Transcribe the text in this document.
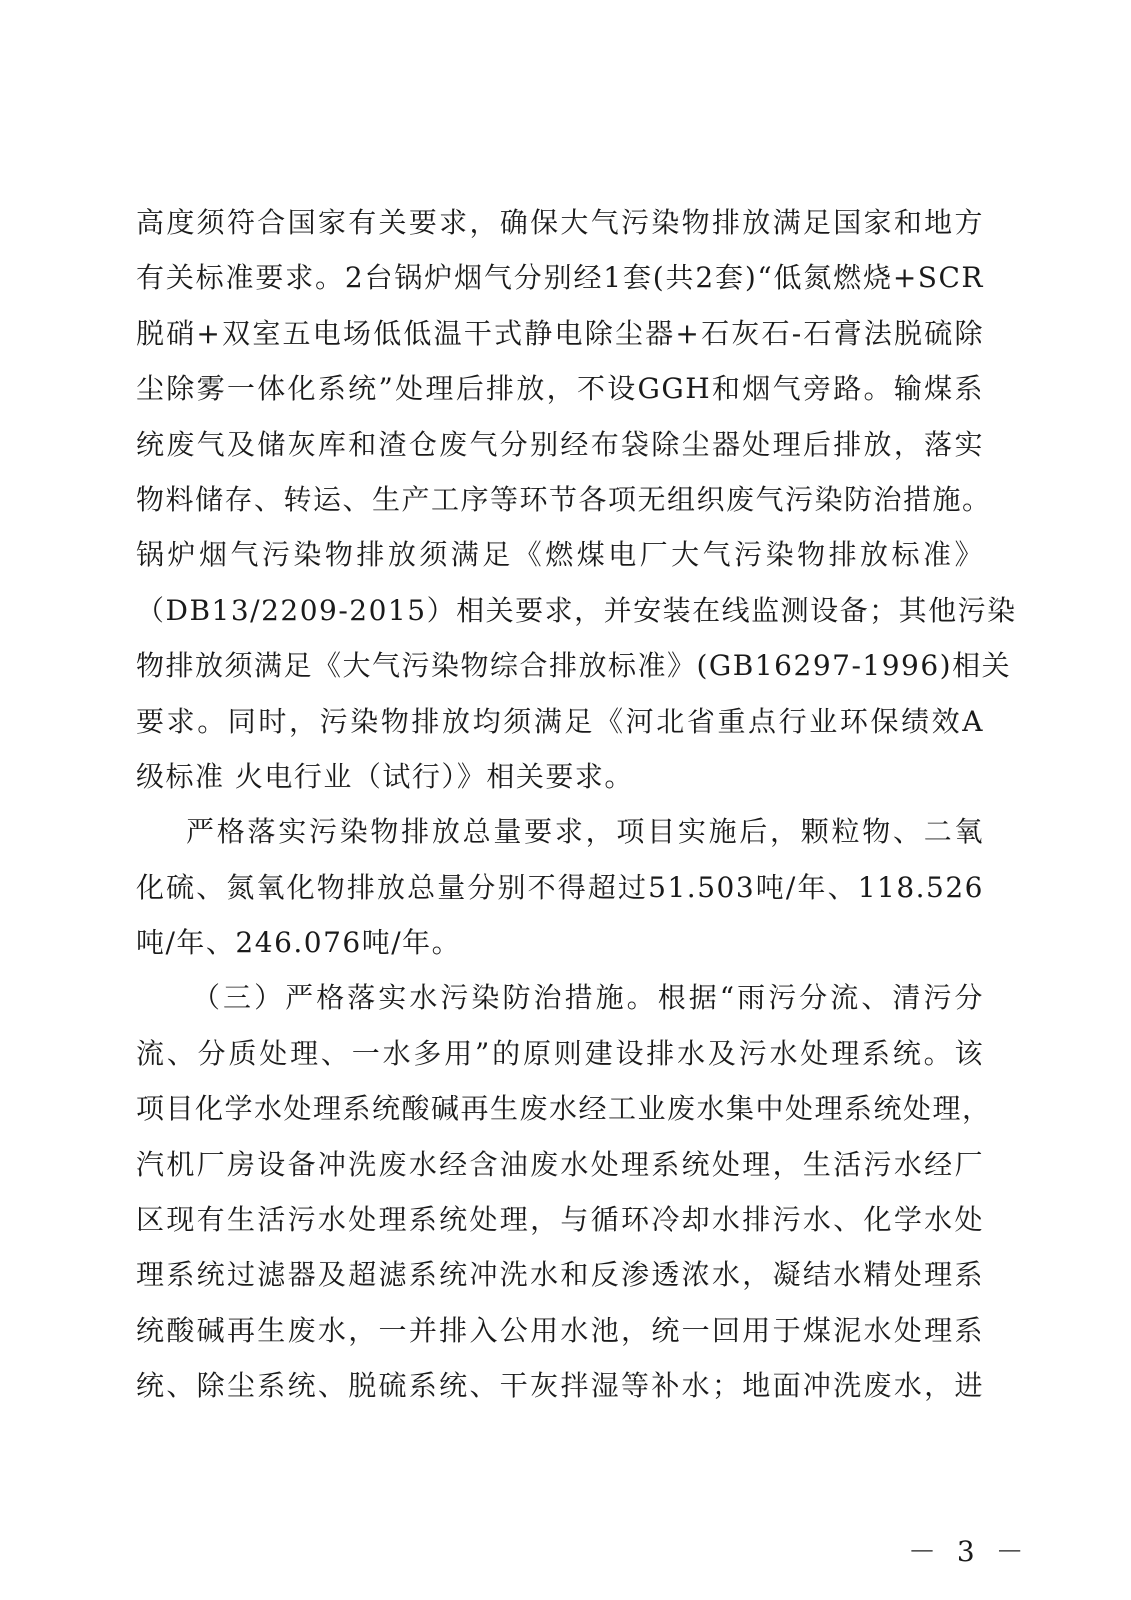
高度须符合国家有关要求，确保大气污染物排放满足国家和地方
有关标准要求。2台锅炉烟气分别经1套(共2套)“低氮燃烧+SCR
脱硝+双室五电场低低温干式静电除尘器+石灰石-石膏法脱硫除
尘除雾一体化系统”处理后排放，不设GGH和烟气旁路。输煤系
统废气及储灰库和渣仓废气分别经布袋除尘器处理后排放，落实
物料储存、转运、生产工序等环节各项无组织废气污染防治措施。
锅炉烟气污染物排放须满足《燃煤电厂大气污染物排放标准》
（DB13/2209-2015）相关要求，并安装在线监测设备；其他污染
物排放须满足《大气污染物综合排放标准》(GB16297-1996)相关
要求。同时，污染物排放均须满足《河北省重点行业环保绩效A
级标准 火电行业（试行）》相关要求。
严格落实污染物排放总量要求，项目实施后，颗粒物、二氧
化硫、氮氧化物排放总量分别不得超过51.503吨/年、118.526
吨/年、246.076吨/年。
（三）严格落实水污染防治措施。根据“雨污分流、清污分
流、分质处理、一水多用”的原则建设排水及污水处理系统。该
项目化学水处理系统酸碱再生废水经工业废水集中处理系统处理，
汽机厂房设备冲洗废水经含油废水处理系统处理，生活污水经厂
区现有生活污水处理系统处理，与循环冷却水排污水、化学水处
理系统过滤器及超滤系统冲洗水和反渗透浓水，凝结水精处理系
统酸碱再生废水，一并排入公用水池，统一回用于煤泥水处理系
统、除尘系统、脱硫系统、干灰拌湿等补水；地面冲洗废水，进
－ 3 －
